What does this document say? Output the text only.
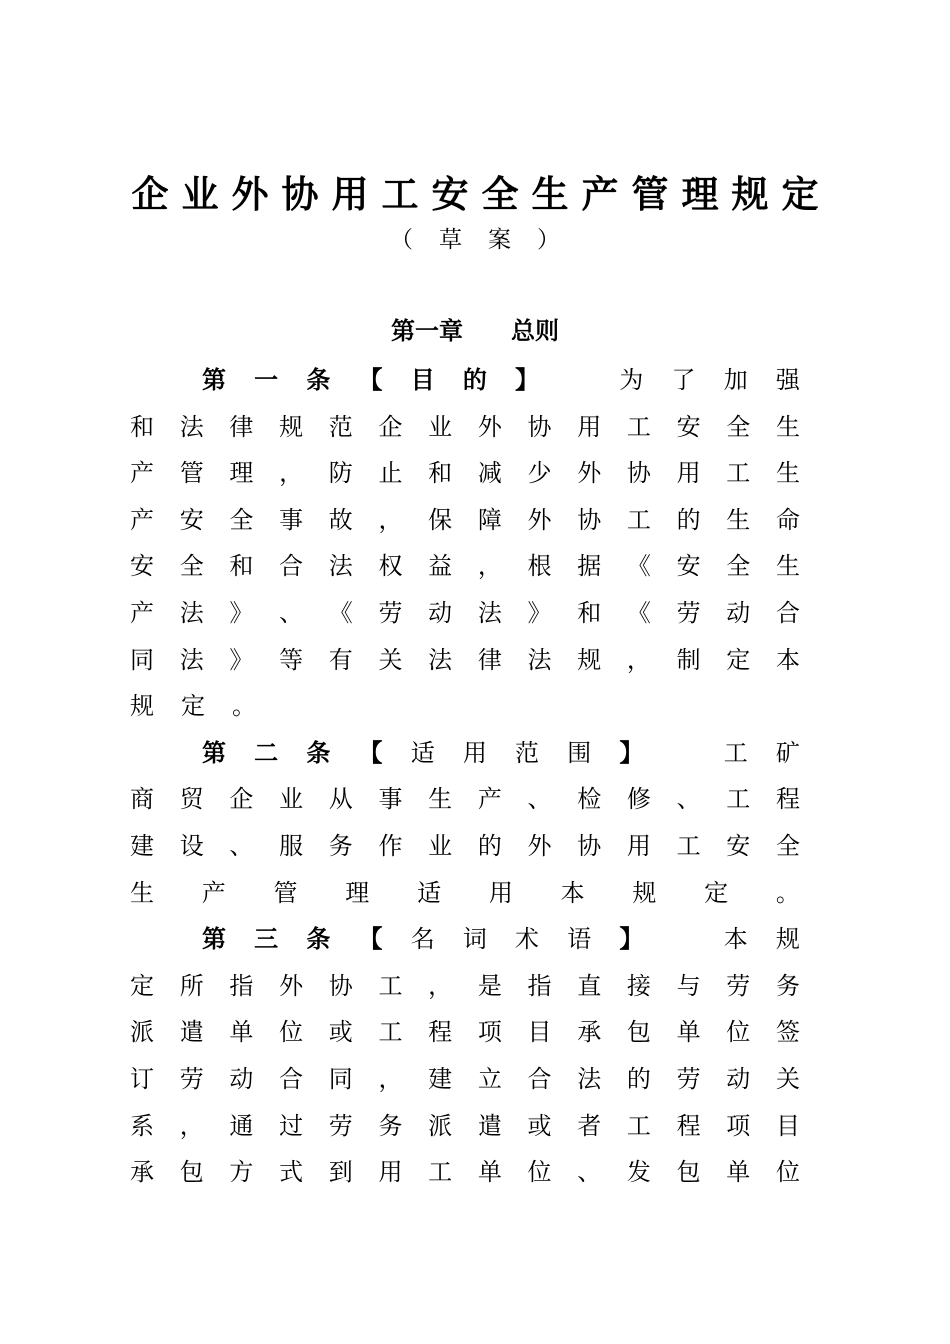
企业外协用工安全生产管理规定
（草案）
第一章　　总则
第 一 条 【 目 的 】
　	为 了 加 强
和 法 律 规 范 企 业 外 协 用 工 安 全 生
产 管 理 ， 防 止 和 减 少 外 协 用 工 生
产 安 全 事 故 ， 保 障 外 协 工 的 生 命
安 全 和 合 法 权 益 ， 根 据 《 安 全 生
产 法 》 、 《 劳 动 法 》 和 《 劳 动 合
同 法 》 等 有 关 法 律 法 规 ， 制 定 本
规 定 。
第 二 条 【 适 用 范 围 】
　	工 矿
商 贸 企 业 从 事 生 产 、 检 修 、 工 程
建 设 、 服 务 作 业 的 外 协 用 工 安 全
生 产 管 理 适 用 本 规 定 。
第 三 条 【 名 词 术 语 】
　	本 规
定 所 指 外 协 工 ， 是 指 直 接 与 劳 务
派 遣 单 位 或 工 程 项 目 承 包 单 位 签
订 劳 动 合 同 ， 建 立 合 法 的 劳 动 关
系 ， 通 过 劳 务 派 遣 或 者 工 程 项 目
承 包 方 式 到 用 工 单 位 、 发 包 单 位
